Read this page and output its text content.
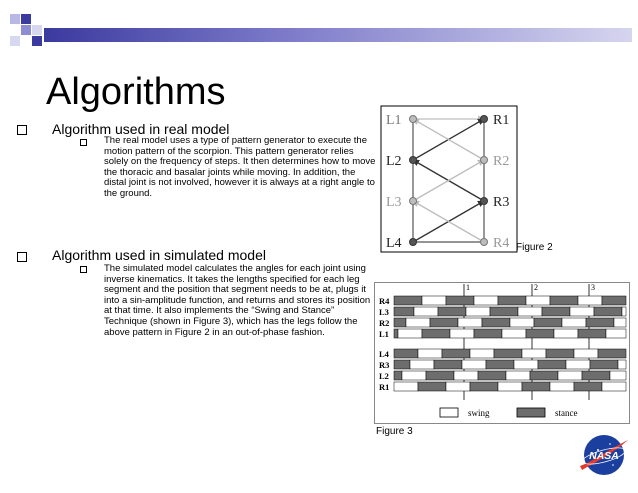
Algorithms
Algorithm used in real model
The real model uses a type of pattern generator to execute the motion pattern of the scorpion. This pattern generator relies solely on the frequency of steps. It then determines how to move the thoracic and basalar joints while moving. In addition, the distal joint is not involved, however it is always at a right angle to the ground.
Algorithm used in simulated model
The simulated model calculates the angles for each joint using inverse kinematics. It takes the lengths specified for each leg segment and the position that segment needs to be at, plugs it into a sin-amplitude function, and returns and stores its position at that time. It also implements the “Swing and Stance” Technique (shown in Figure 3), which has the legs follow the above pattern in Figure 2 in an out-of-phase fashion.
L1
L2
L3
L4
R1
R2
R3
R4 Figure 2
1	2	3
R4
L3
R2
L1
L4
R3
L2
R1
swing	stance
Figure 3
NASA
